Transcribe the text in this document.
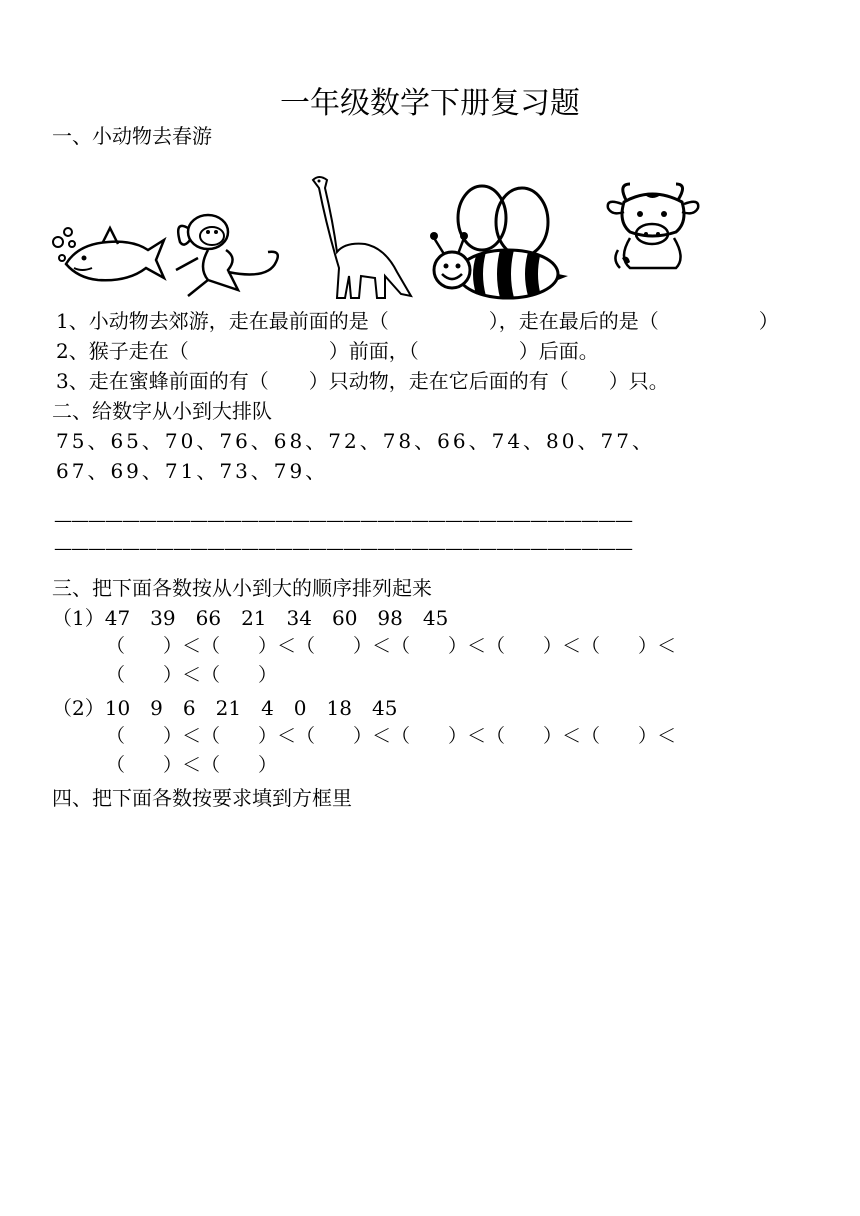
一年级数学下册复习题
一、小动物去春游
1、小动物去郊游，走在最前面的是（　　　　　），走在最后的是（　　　　　）
2、猴子走在（　　　　　　　）前面，（　　　　　）后面。
3、走在蜜蜂前面的有（　　）只动物，走在它后面的有（　　）只。
二、给数字从小到大排队
75、65、70、76、68、72、78、66、74、80、77、
67、69、71、73、79、
——————————————————————————————————
——————————————————————————————————
三、把下面各数按从小到大的顺序排列起来
（1）47　39　66　21　34　60　98　45
（　　）＜（　　）＜（　　）＜（　　）＜（　　）＜（　　）＜
（　　）＜（　　）
（2）10　9　6　21　4　0　18　45
（　　）＜（　　）＜（　　）＜（　　）＜（　　）＜（　　）＜
（　　）＜（　　）
四、把下面各数按要求填到方框里
